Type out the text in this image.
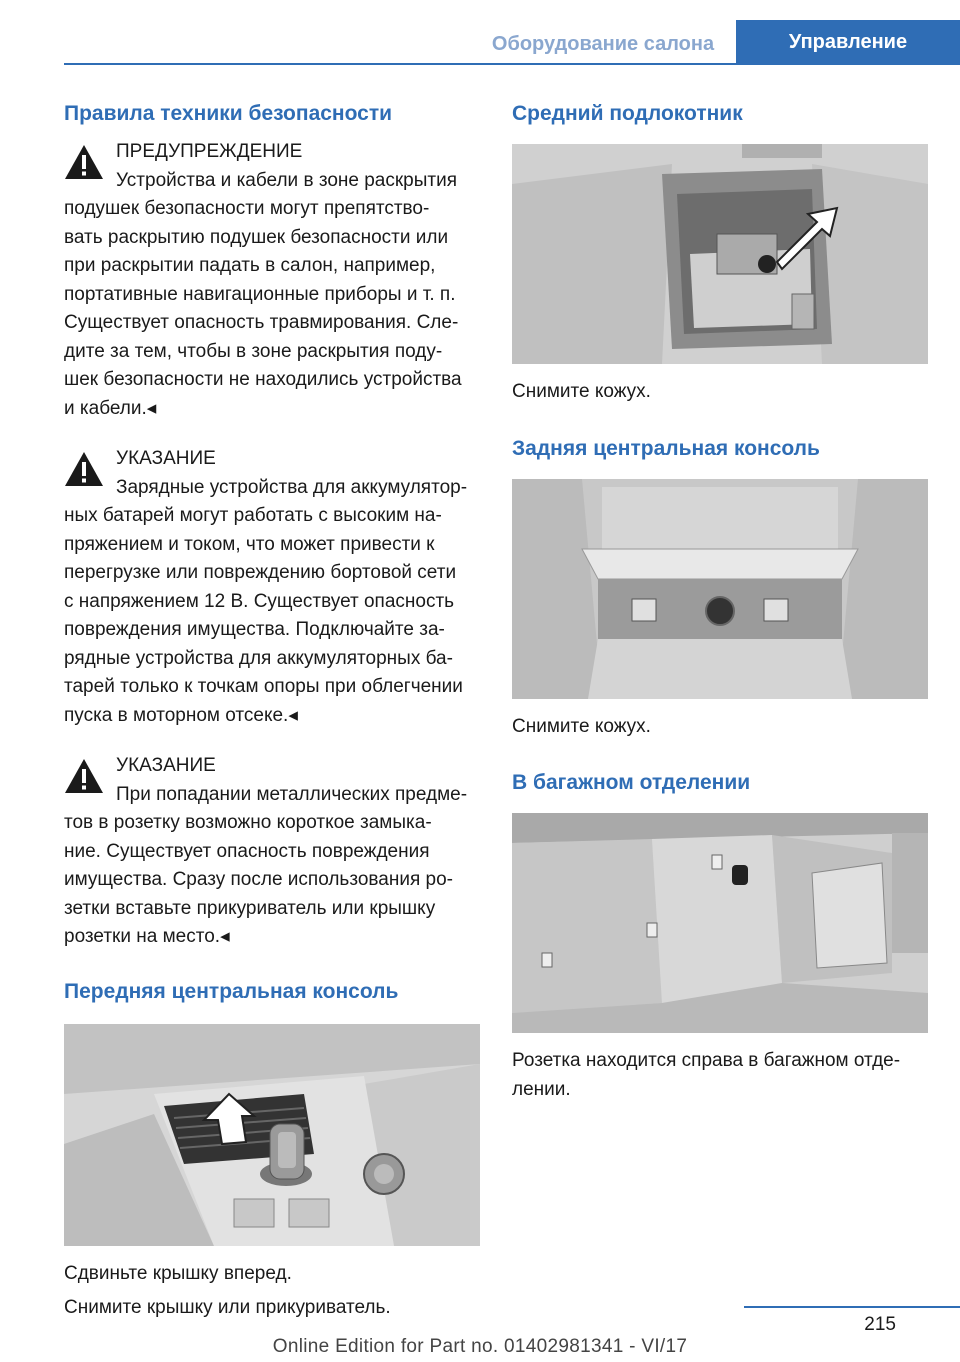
Оборудование салона	Управление
Правила техники безопасности

ПРЕДУПРЕЖДЕНИЕ

Устройства и кабели в зоне раскрытия

подушек безопасности могут препятство-
вать раскрытию подушек безопасности или
при раскрытии падать в салон, например,
портативные навигационные приборы и т. п.
Существует опасность травмирования. Сле-
дите за тем, чтобы в зоне раскрытия поду-
шек безопасности не находились устройства
и кабели.◂

УКАЗАНИЕ

Зарядные устройства для аккумулятор-

ных батарей могут работать с высоким на-
пряжением и током, что может привести к
перегрузке или повреждению бортовой сети
с напряжением 12 В. Существует опасность
повреждения имущества. Подключайте за-
рядные устройства для аккумуляторных ба-
тарей только к точкам опоры при облегчении
пуска в моторном отсеке.◂

УКАЗАНИЕ

При попадании металлических предме-

тов в розетку возможно короткое замыка-
ние. Существует опасность повреждения
имущества. Сразу после использования ро-
зетки вставьте прикуриватель или крышку
розетки на место.◂

Передняя центральная консоль

Сдвиньте крышку вперед.

Снимите крышку или прикуриватель.

Средний подлокотник

Снимите кожух.

Задняя центральная консоль

Снимите кожух.

В багажном отделении

Розетка находится справа в багажном отде-
лении.

215
Online Edition for Part no. 01402981341 - VI/17
